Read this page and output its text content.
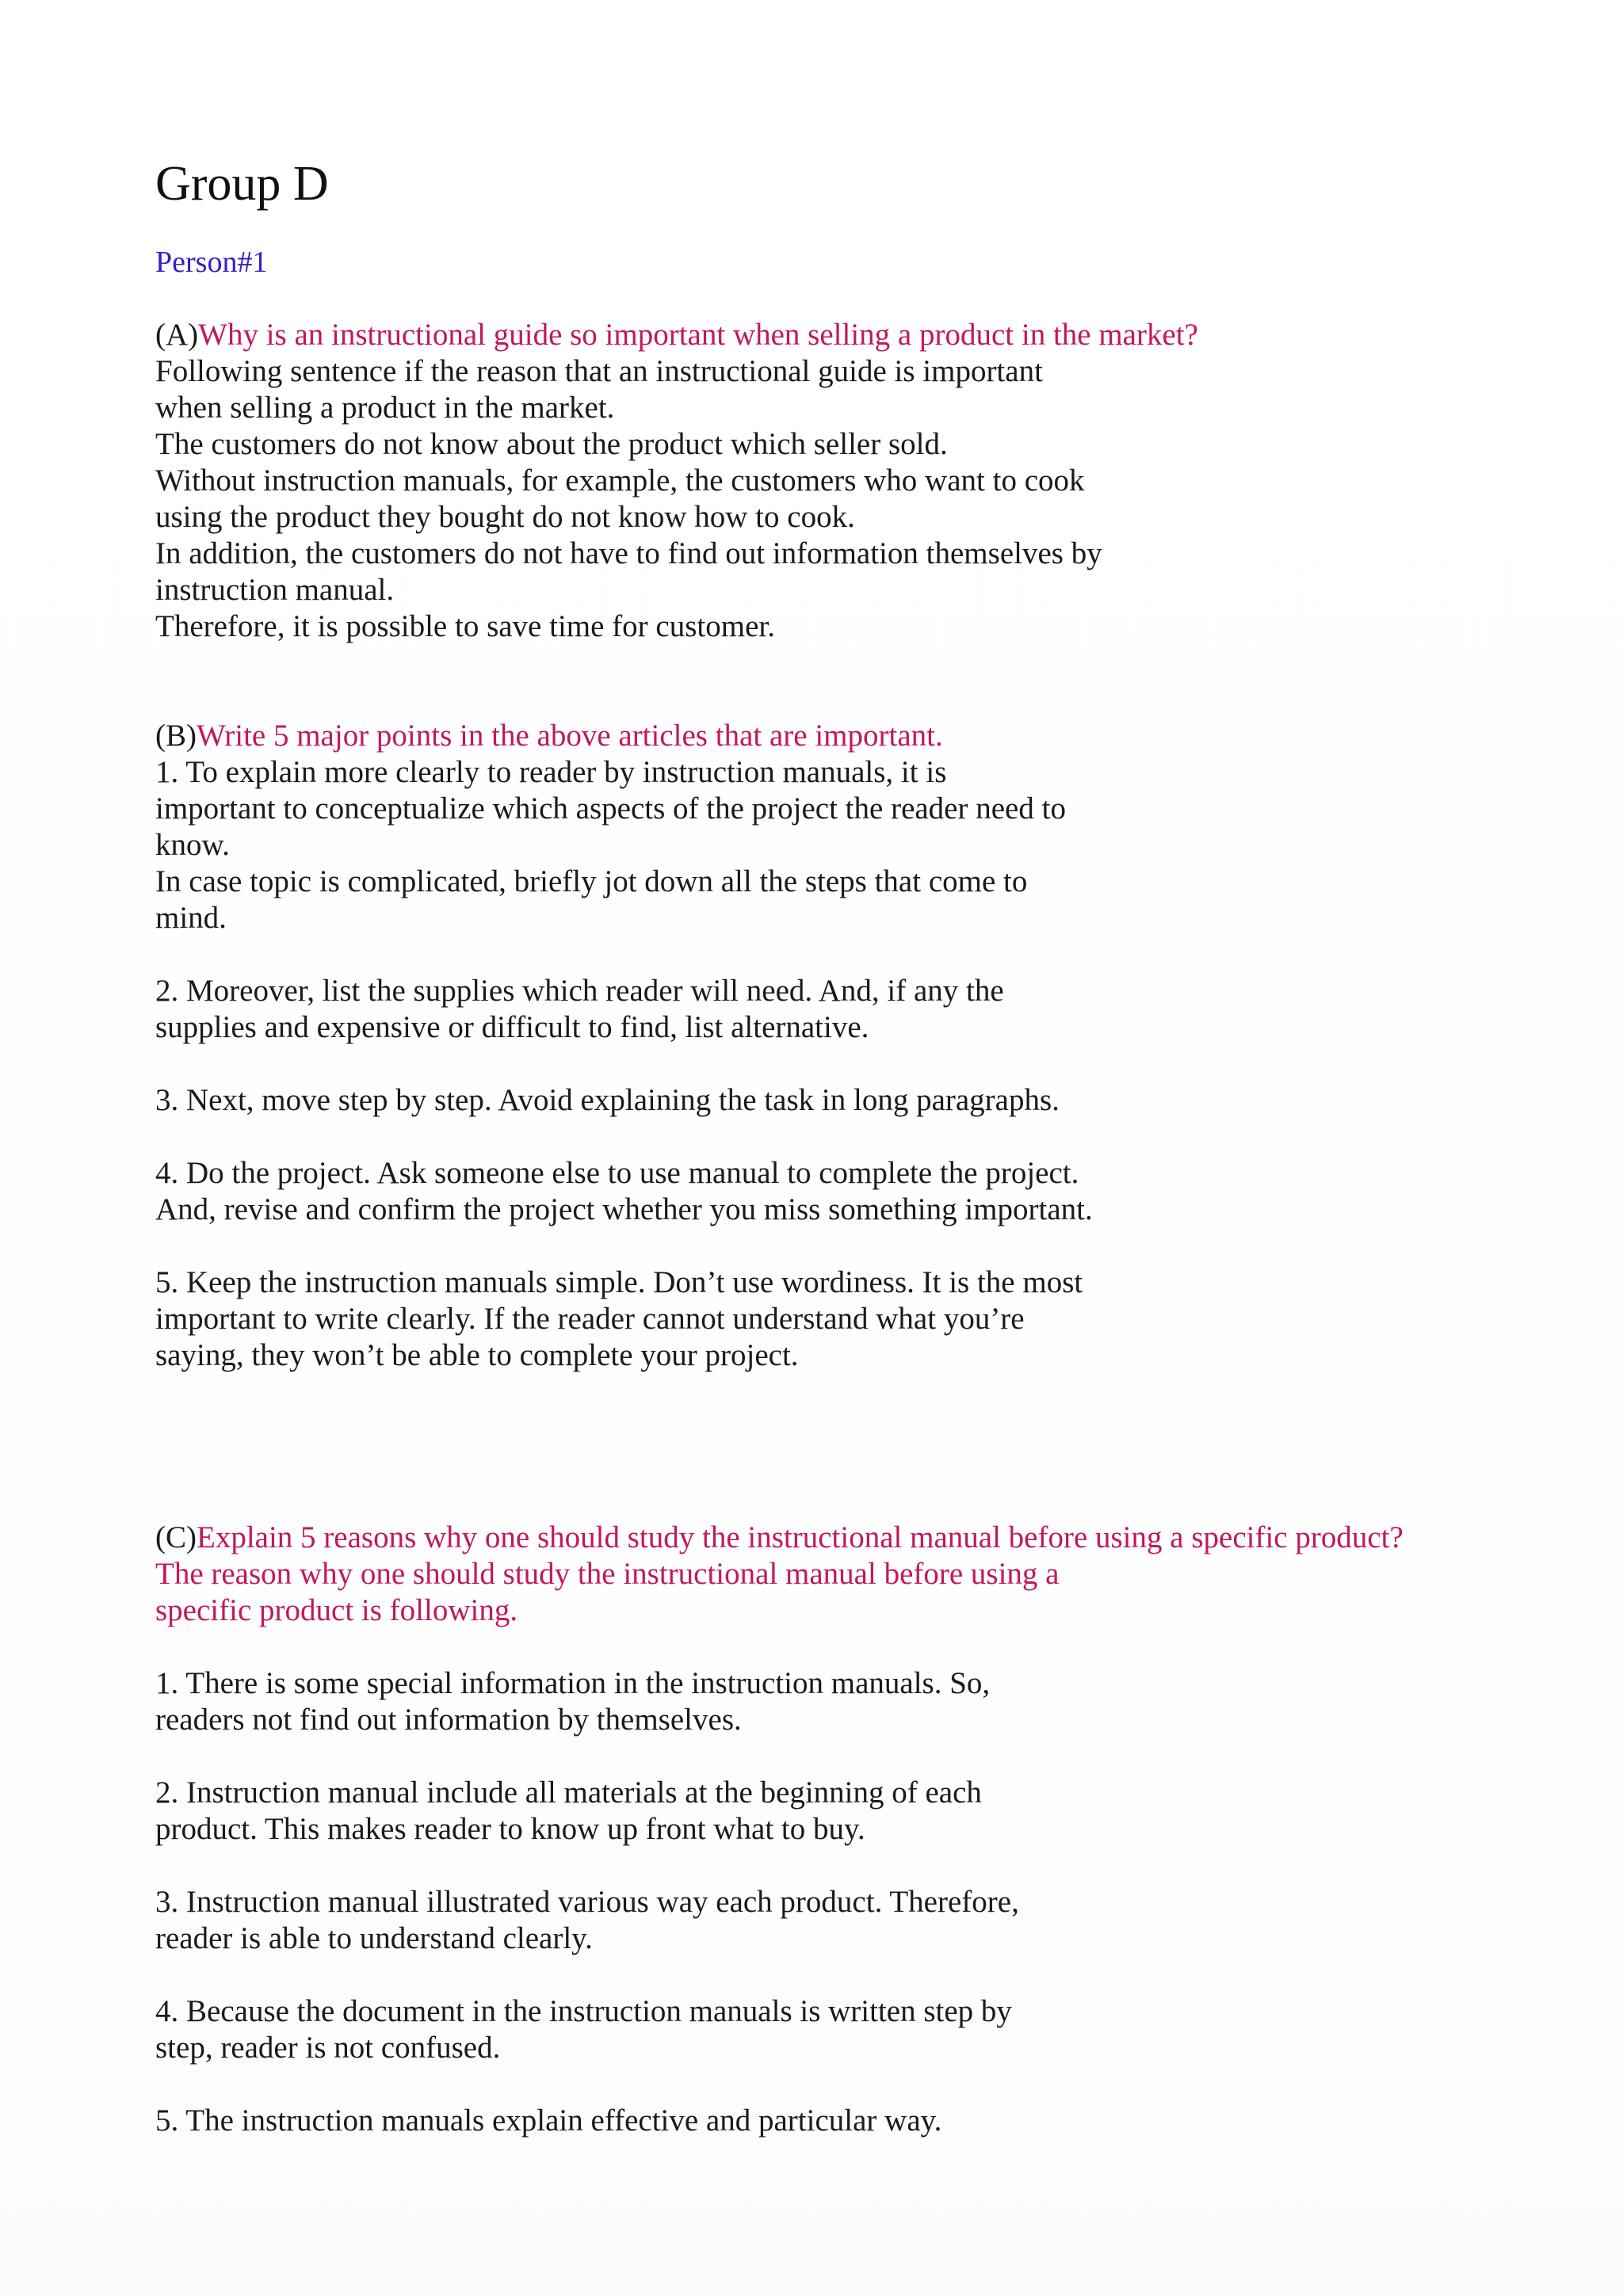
Group D
Person#1
(A)Why is an instructional guide so important when selling a product in the market?
Following sentence if the reason that an instructional guide is important
when selling a product in the market.
The customers do not know about the product which seller sold.
Without instruction manuals, for example, the customers who want to cook
using the product they bought do not know how to cook.
In addition, the customers do not have to find out information themselves by
instruction manual.
Therefore, it is possible to save time for customer.
(B)Write 5 major points in the above articles that are important.
1. To explain more clearly to reader by instruction manuals, it is
important to conceptualize which aspects of the project the reader need to
know.
In case topic is complicated, briefly jot down all the steps that come to
mind.
2. Moreover, list the supplies which reader will need. And, if any the
supplies and expensive or difficult to find, list alternative.
3. Next, move step by step. Avoid explaining the task in long paragraphs.
4. Do the project. Ask someone else to use manual to complete the project.
And, revise and confirm the project whether you miss something important.
5. Keep the instruction manuals simple. Don’t use wordiness. It is the most
important to write clearly. If the reader cannot understand what you’re
saying, they won’t be able to complete your project.
(C)Explain 5 reasons why one should study the instructional manual before using a specific product?
The reason why one should study the instructional manual before using a
specific product is following.
1. There is some special information in the instruction manuals. So,
readers not find out information by themselves.
2. Instruction manual include all materials at the beginning of each
product. This makes reader to know up front what to buy.
3. Instruction manual illustrated various way each product. Therefore,
reader is able to understand clearly.
4. Because the document in the instruction manuals is written step by
step, reader is not confused.
5. The instruction manuals explain effective and particular way.
